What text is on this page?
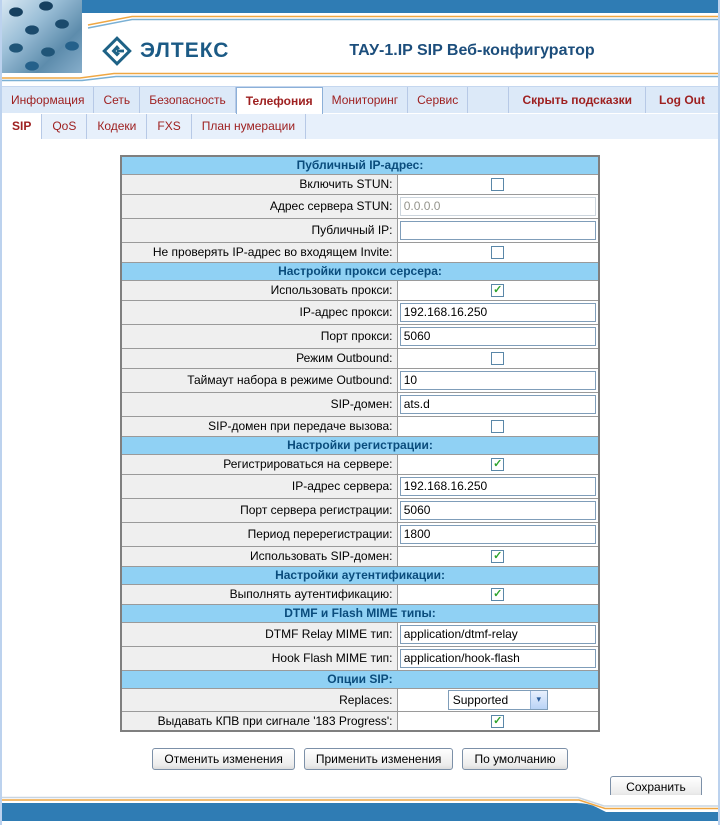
ЭЛТЕКС	ТАУ-1.IP SIP Веб-конфигуратор
Информация	Сеть	Безопасность	Телефония	Мониторинг	Сервис	Скрыть подсказки	Log Out
SIP	QoS	Кодеки	FXS	План нумерации
Публичный IP-адрес:	
Включить STUN:	
Адрес сервера STUN:	
0.0.0.0
Публичный IP:	

Не проверять IP-адрес во входящем Invite:	
Настройки прокси серсера:	
Использовать прокси:	✓
IP-адрес прокси:	
192.168.16.250
Порт прокси:	
5060
Режим Outbound:	
Таймаут набора в режиме Outbound:	
10
SIP-домен:	
ats.d
SIP-домен при передаче вызова:	
Настройки регистрации:	
Регистрироваться на сервере:	✓
IP-адрес сервера:	
192.168.16.250
Порт сервера регистрации:	
5060
Период перерегистрации:	
1800
Использовать SIP-домен:	✓
Настройки аутентификации:	
Выполнять аутентификацию:	✓
DTMF и Flash MIME типы:	
DTMF Relay MIME тип:	
application/dtmf-relay
Hook Flash MIME тип:	
application/hook-flash
Опции SIP:	
Replaces:	Supported ▾

Выдавать КПВ при сигнале '183 Progress':	✓
Отменить изменения	Применить изменения	По умолчанию
Сохранить
